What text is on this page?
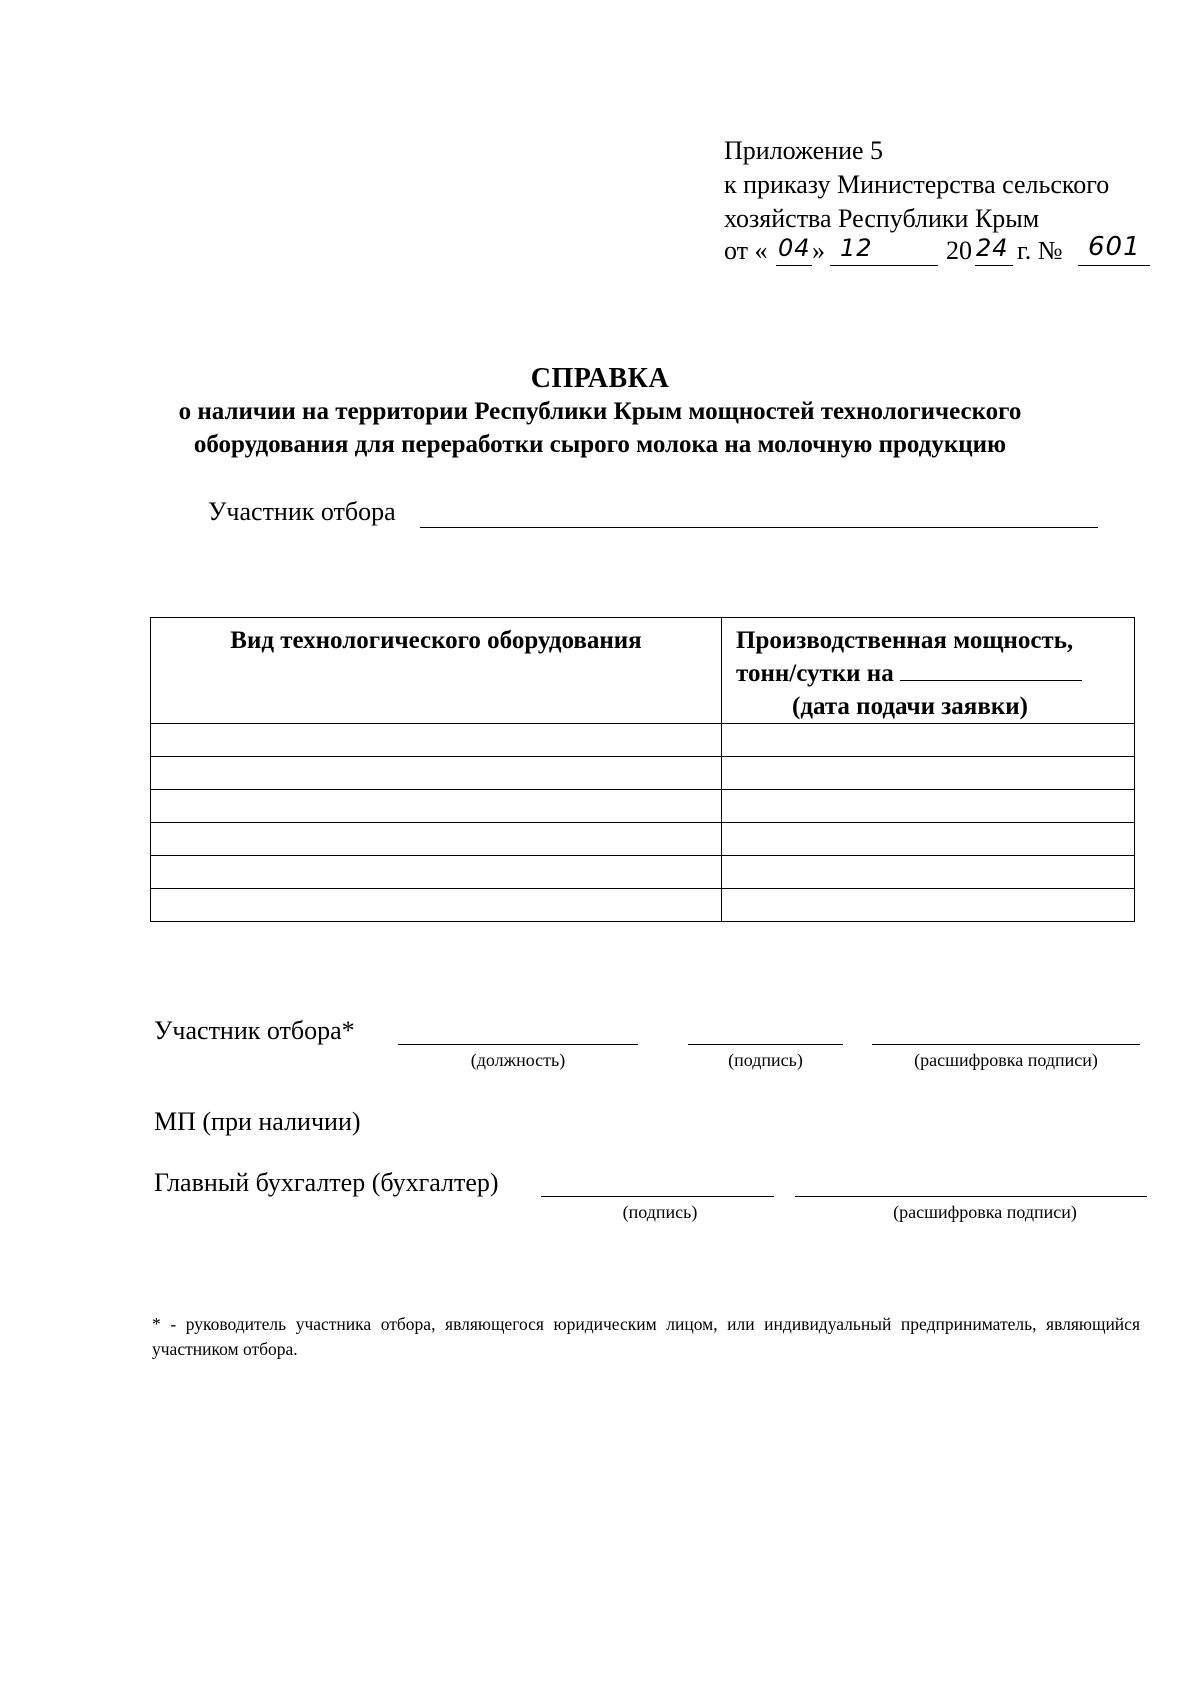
Приложение 5
к приказу Министерства сельского
хозяйства Республики Крым
от « 04 » 12	20 24 г. № 601
СПРАВКА
о наличии на территории Республики Крым мощностей технологического
оборудования для переработки сырого молока на молочную продукцию
Участник отбора
Вид технологического оборудования	Производственная мощность,
тонн/сутки на
(дата подачи заявки)

Участник отбора*
(должность)	(подпись)	(расшифровка подписи)
МП (при наличии)
Главный бухгалтер (бухгалтер)
(подпись)	(расшифровка подписи)
* - руководитель участника отбора, являющегося юридическим лицом, или индивидуальный предприниматель, являющийся участником отбора.
